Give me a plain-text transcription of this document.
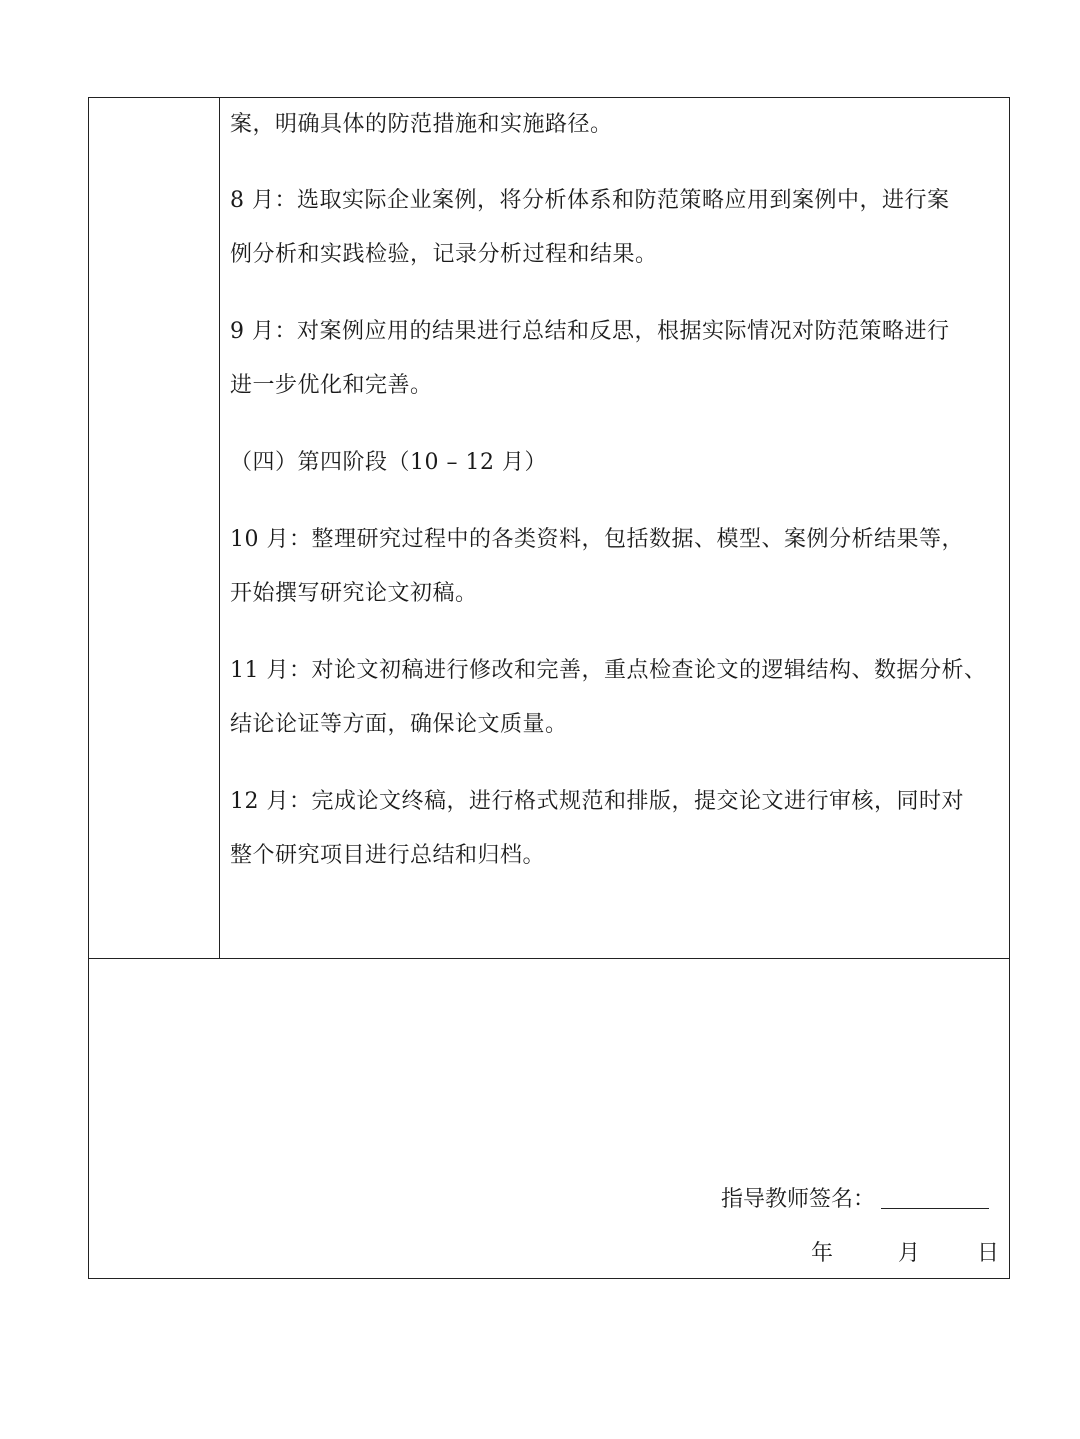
案，明确具体的防范措施和实施路径。
8 月：选取实际企业案例，将分析体系和防范策略应用到案例中，进行案
例分析和实践检验，记录分析过程和结果。
9 月：对案例应用的结果进行总结和反思，根据实际情况对防范策略进行
进一步优化和完善。
（四）第四阶段（10 – 12 月）
10 月：整理研究过程中的各类资料，包括数据、模型、案例分析结果等，
开始撰写研究论文初稿。
11 月：对论文初稿进行修改和完善，重点检查论文的逻辑结构、数据分析、
结论论证等方面，确保论文质量。
12 月：完成论文终稿，进行格式规范和排版，提交论文进行审核，同时对
整个研究项目进行总结和归档。
指导教师签名：
年	月	日
